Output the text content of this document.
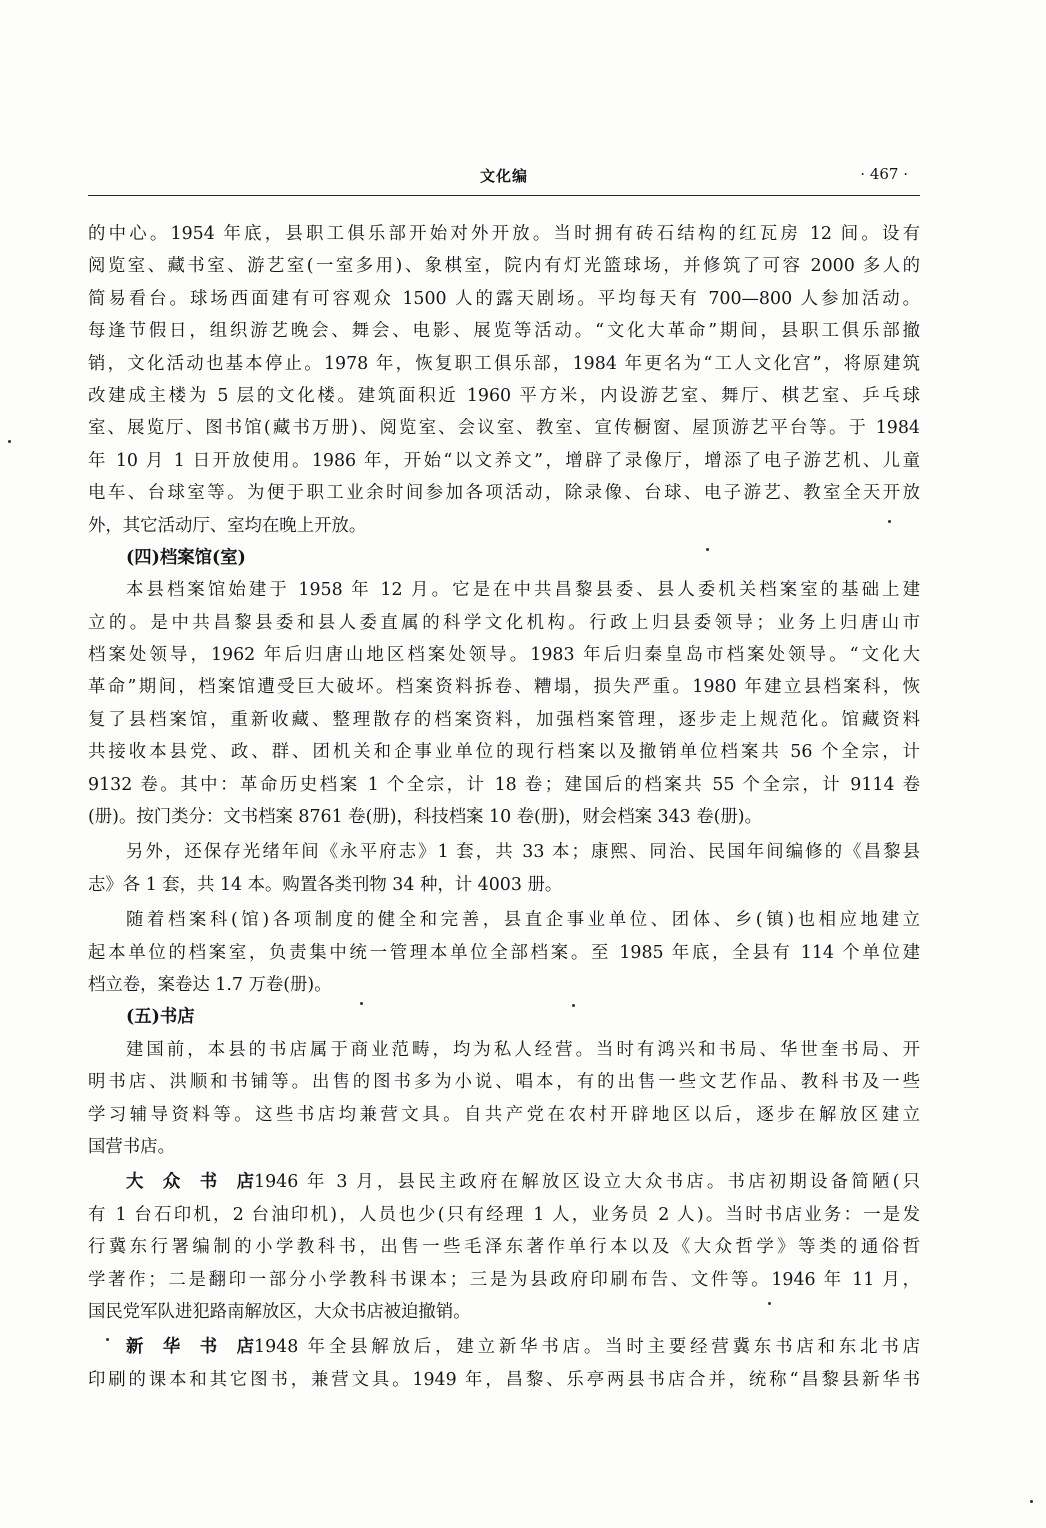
文化编	· 467 ·

的中心。1954 年底，县职工俱乐部开始对外开放。当时拥有砖石结构的红瓦房 12 间。设有

阅览室、藏书室、游艺室(一室多用)、象棋室，院内有灯光篮球场，并修筑了可容 2000 多人的

简易看台。球场西面建有可容观众 1500 人的露天剧场。平均每天有 700—800 人参加活动。

每逢节假日，组织游艺晚会、舞会、电影、展览等活动。“文化大革命”期间，县职工俱乐部撤

销，文化活动也基本停止。1978 年，恢复职工俱乐部，1984 年更名为“工人文化宫”，将原建筑

改建成主楼为 5 层的文化楼。建筑面积近 1960 平方米，内设游艺室、舞厅、棋艺室、乒乓球

室、展览厅、图书馆(藏书万册)、阅览室、会议室、教室、宣传橱窗、屋顶游艺平台等。于 1984

年 10 月 1 日开放使用。1986 年，开始“以文养文”，增辟了录像厅，增添了电子游艺机、儿童

电车、台球室等。为便于职工业余时间参加各项活动，除录像、台球、电子游艺、教室全天开放

外，其它活动厅、室均在晚上开放。

(四)档案馆(室)

本县档案馆始建于 1958 年 12 月。它是在中共昌黎县委、县人委机关档案室的基础上建

立的。是中共昌黎县委和县人委直属的科学文化机构。行政上归县委领导；业务上归唐山市

档案处领导，1962 年后归唐山地区档案处领导。1983 年后归秦皇岛市档案处领导。“文化大

革命”期间，档案馆遭受巨大破坏。档案资料拆卷、糟塌，损失严重。1980 年建立县档案科，恢

复了县档案馆，重新收藏、整理散存的档案资料，加强档案管理，逐步走上规范化。馆藏资料

共接收本县党、政、群、团机关和企事业单位的现行档案以及撤销单位档案共 56 个全宗，计

9132 卷。其中：革命历史档案 1 个全宗，计 18 卷；建国后的档案共 55 个全宗，计 9114 卷

(册)。按门类分：文书档案 8761 卷(册)，科技档案 10 卷(册)，财会档案 343 卷(册)。

另外，还保存光绪年间《永平府志》1 套，共 33 本；康熙、同治、民国年间编修的《昌黎县

志》各 1 套，共 14 本。购置各类刊物 34 种，计 4003 册。

随着档案科(馆)各项制度的健全和完善，县直企事业单位、团体、乡(镇)也相应地建立

起本单位的档案室，负责集中统一管理本单位全部档案。至 1985 年底，全县有 114 个单位建

档立卷，案卷达 1.7 万卷(册)。

(五)书店

建国前，本县的书店属于商业范畴，均为私人经营。当时有鸿兴和书局、华世奎书局、开

明书店、洪顺和书铺等。出售的图书多为小说、唱本，有的出售一些文艺作品、教科书及一些

学习辅导资料等。这些书店均兼营文具。自共产党在农村开辟地区以后，逐步在解放区建立

国营书店。

大众书店1946 年 3 月，县民主政府在解放区设立大众书店。书店初期设备简陋(只

有 1 台石印机，2 台油印机)，人员也少(只有经理 1 人，业务员 2 人)。当时书店业务：一是发

行冀东行署编制的小学教科书，出售一些毛泽东著作单行本以及《大众哲学》等类的通俗哲

学著作；二是翻印一部分小学教科书课本；三是为县政府印刷布告、文件等。1946 年 11 月，

国民党军队进犯路南解放区，大众书店被迫撤销。

新华书店1948 年全县解放后，建立新华书店。当时主要经营冀东书店和东北书店

印刷的课本和其它图书，兼营文具。1949 年，昌黎、乐亭两县书店合并，统称“昌黎县新华书
